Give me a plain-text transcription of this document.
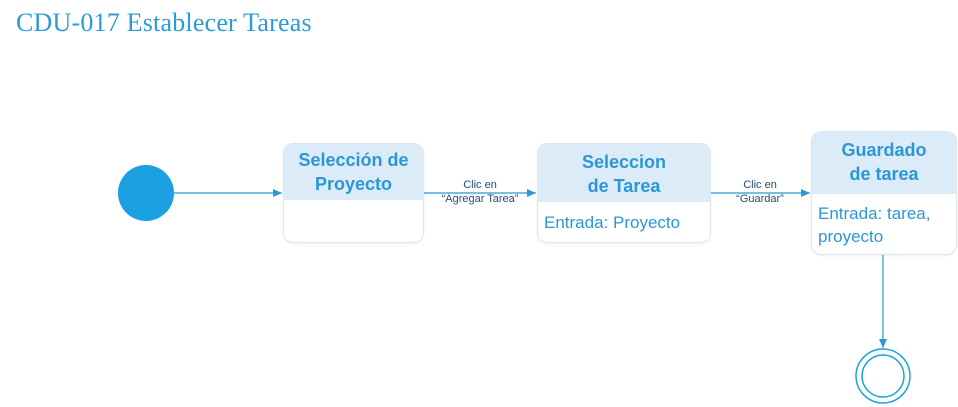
CDU-017 Establecer Tareas
Selección de
Proyecto
Seleccion
de Tarea
Entrada: Proyecto
Guardado
de tarea
Entrada: tarea,
proyecto
Clic en
“Agregar Tarea”
Clic en
“Guardar”
